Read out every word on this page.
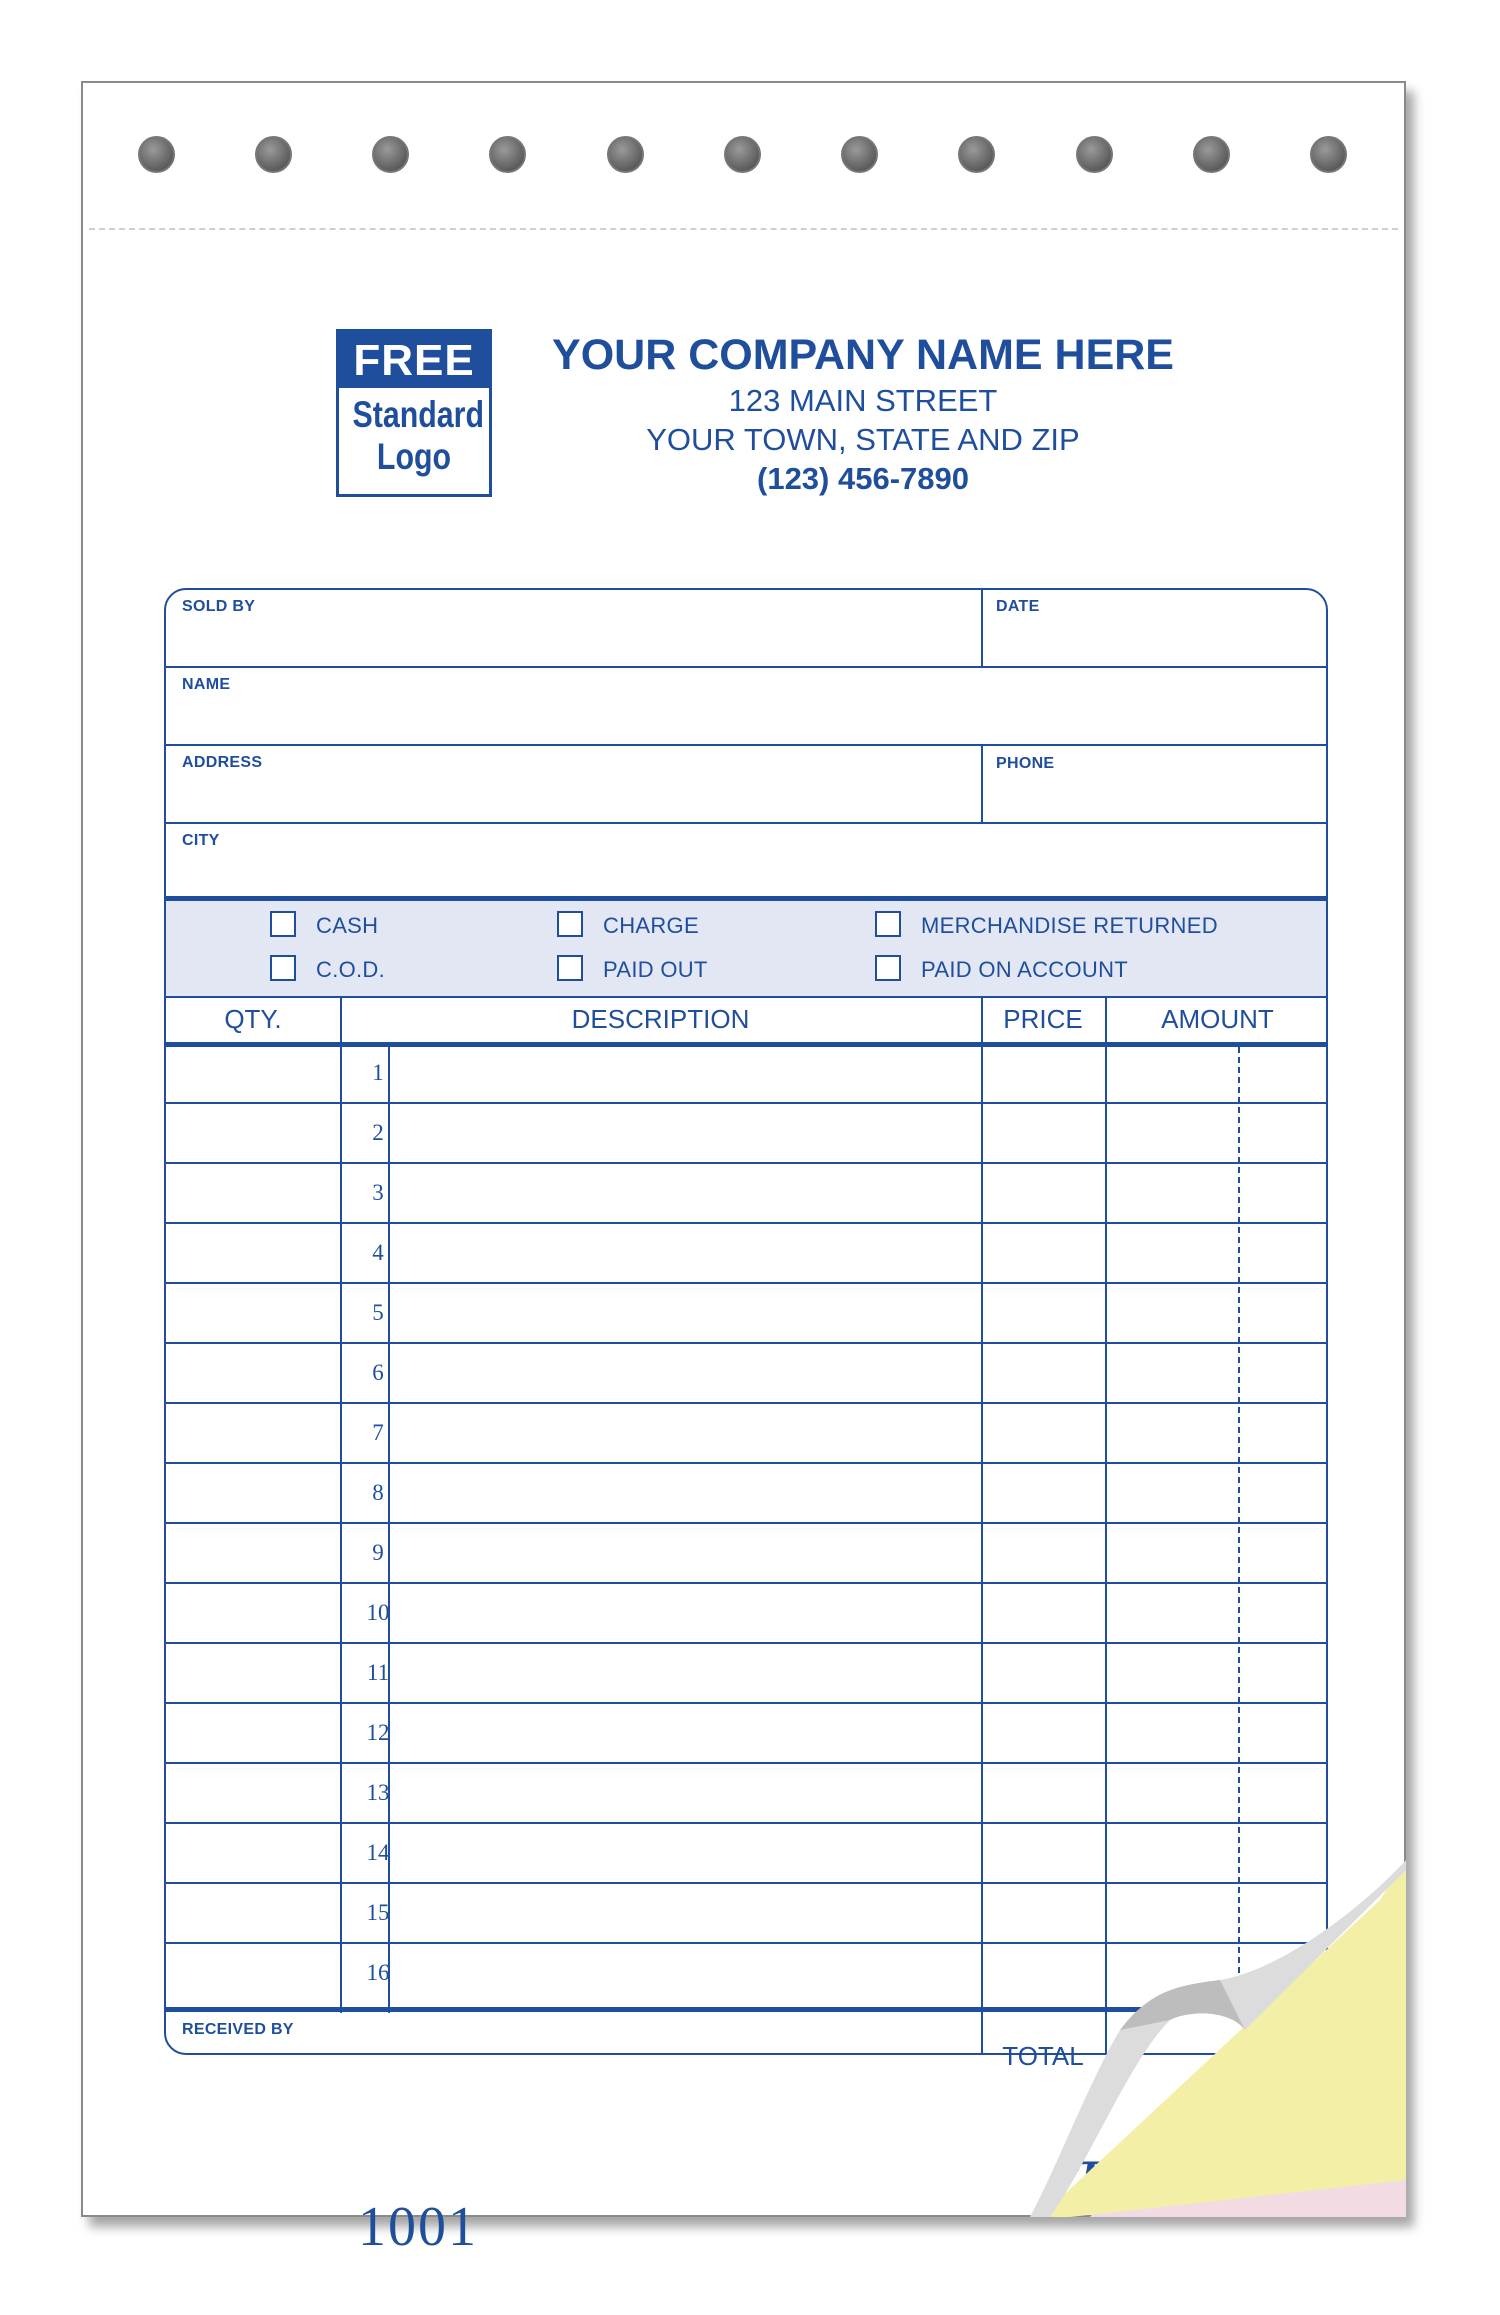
FREE
Standard
Logo
YOUR COMPANY NAME HERE
123 MAIN STREET
YOUR TOWN, STATE AND ZIP
(123) 456-7890
SOLD BY	DATE
NAME
ADDRESS	PHONE
CITY
CASH	CHARGE	MERCHANDISE RETURNED
C.O.D.	PAID OUT	PAID ON ACCOUNT
QTY.	DESCRIPTION	PRICE	AMOUNT
1
2
3
4
5
6
7
8
9
10
11
12
13
14
15
16
RECEIVED BY
TOTAL
1001
